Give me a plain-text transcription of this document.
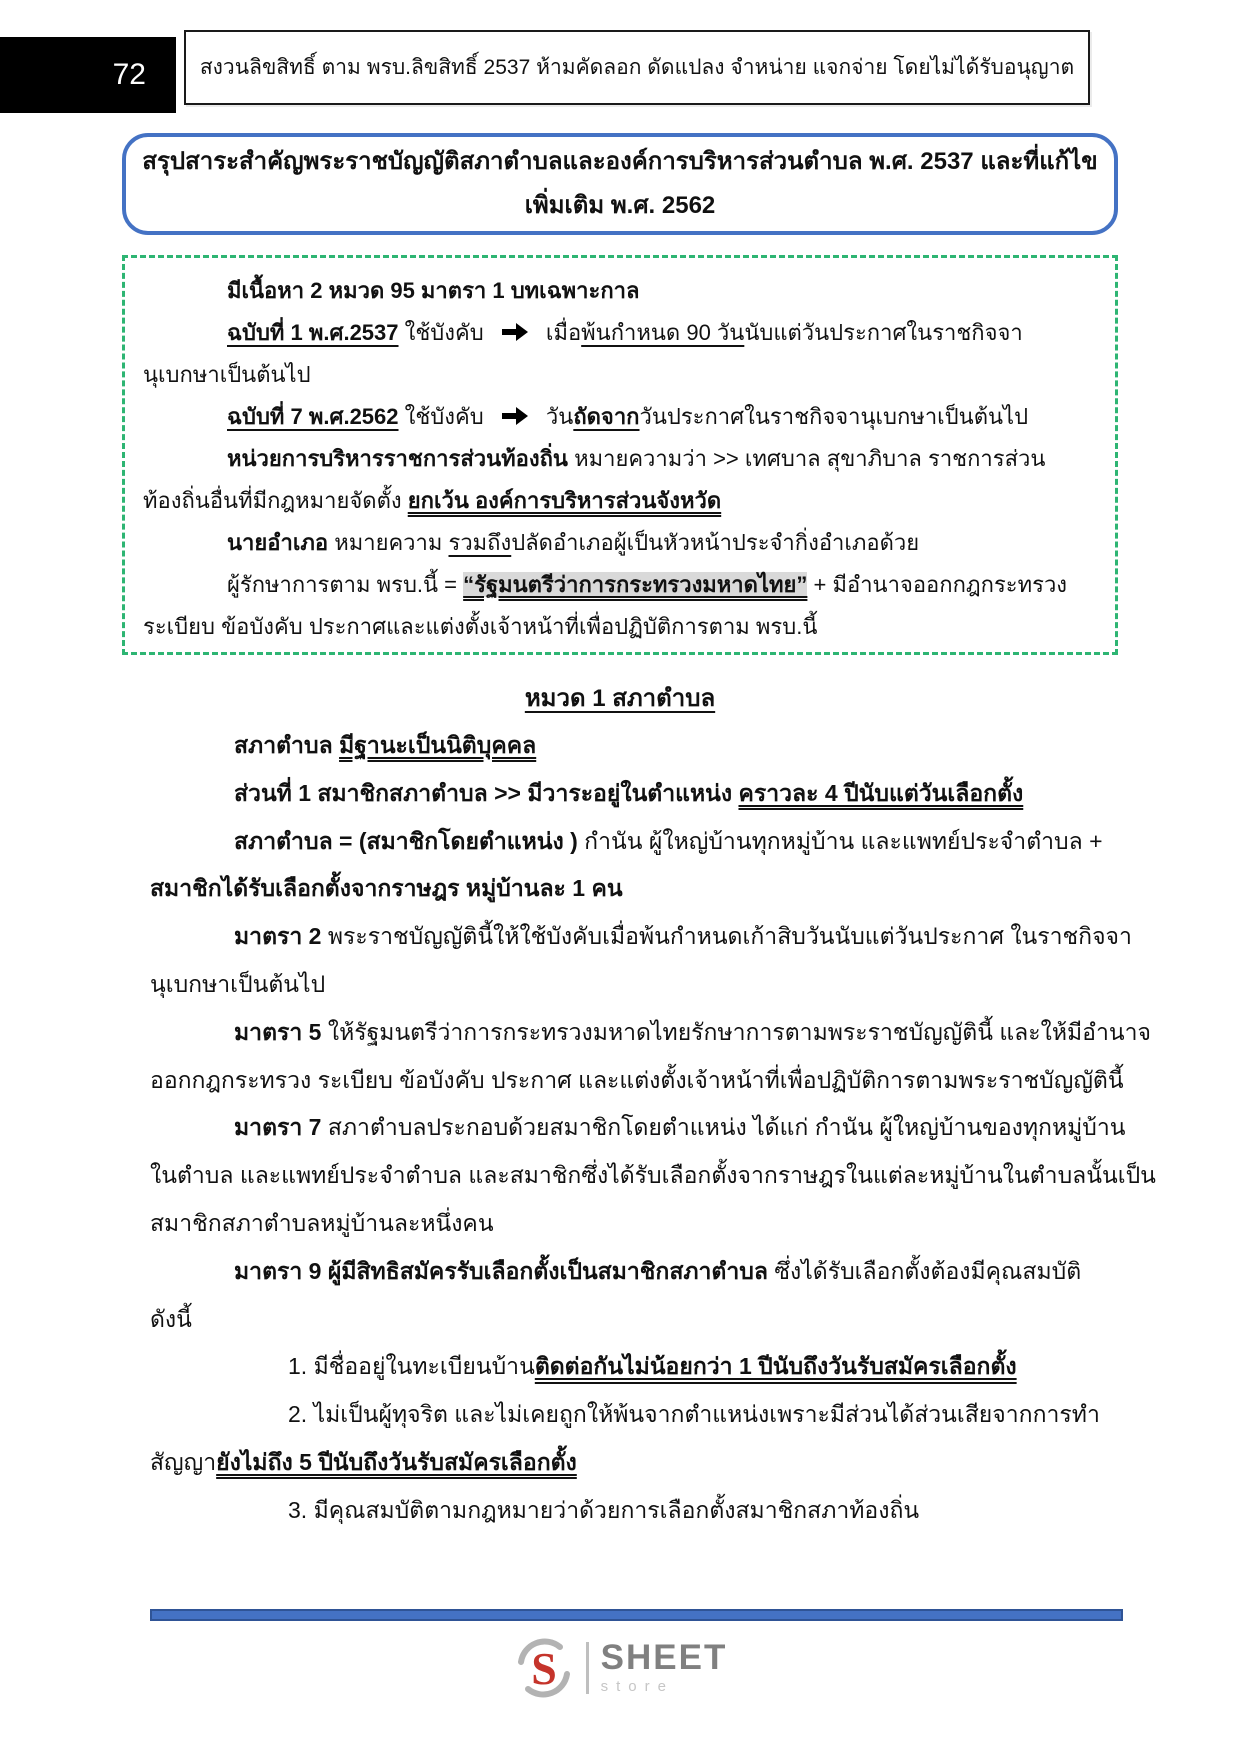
72	สงวนลิขสิทธิ์ ตาม พรบ.ลิขสิทธิ์ 2537 ห้ามคัดลอก ดัดแปลง จำหน่าย แจกจ่าย โดยไม่ได้รับอนุญาต
สรุปสาระสำคัญพระราชบัญญัติสภาตำบลและองค์การบริหารส่วนตำบล พ.ศ. 2537 และที่แก้ไข
เพิ่มเติม พ.ศ. 2562
มีเนื้อหา 2 หมวด 95 มาตรา 1 บทเฉพาะกาล
ฉบับที่ 1 พ.ศ.2537 ใช้บังคับ  เมื่อพ้นกำหนด 90 วันนับแต่วันประกาศในราชกิจจา
นุเบกษาเป็นต้นไป
ฉบับที่ 7 พ.ศ.2562 ใช้บังคับ  วันถัดจากวันประกาศในราชกิจจานุเบกษาเป็นต้นไป
หน่วยการบริหารราชการส่วนท้องถิ่น หมายความว่า >> เทศบาล สุขาภิบาล ราชการส่วน
ท้องถิ่นอื่นที่มีกฎหมายจัดตั้ง ยกเว้น องค์การบริหารส่วนจังหวัด
นายอำเภอ หมายความ รวมถึงปลัดอำเภอผู้เป็นหัวหน้าประจำกิ่งอำเภอด้วย
ผู้รักษาการตาม พรบ.นี้ = “รัฐมนตรีว่าการกระทรวงมหาดไทย” + มีอำนาจออกกฎกระทรวง
ระเบียบ ข้อบังคับ ประกาศและแต่งตั้งเจ้าหน้าที่เพื่อปฏิบัติการตาม พรบ.นี้
หมวด 1 สภาตำบล
สภาตำบล มีฐานะเป็นนิติบุคคล
ส่วนที่ 1 สมาชิกสภาตำบล >> มีวาระอยู่ในตำแหน่ง คราวละ 4 ปีนับแต่วันเลือกตั้ง
สภาตำบล = (สมาชิกโดยตำแหน่ง ) กำนัน ผู้ใหญ่บ้านทุกหมู่บ้าน และแพทย์ประจำตำบล +
สมาชิกได้รับเลือกตั้งจากราษฎร หมู่บ้านละ 1 คน
มาตรา 2 พระราชบัญญัตินี้ให้ใช้บังคับเมื่อพ้นกำหนดเก้าสิบวันนับแต่วันประกาศ ในราชกิจจา
นุเบกษาเป็นต้นไป
มาตรา 5 ให้รัฐมนตรีว่าการกระทรวงมหาดไทยรักษาการตามพระราชบัญญัตินี้ และให้มีอำนาจ
ออกกฎกระทรวง ระเบียบ ข้อบังคับ ประกาศ และแต่งตั้งเจ้าหน้าที่เพื่อปฏิบัติการตามพระราชบัญญัตินี้
มาตรา 7 สภาตำบลประกอบด้วยสมาชิกโดยตำแหน่ง ได้แก่ กำนัน ผู้ใหญ่บ้านของทุกหมู่บ้าน
ในตำบล และแพทย์ประจำตำบล และสมาชิกซึ่งได้รับเลือกตั้งจากราษฎรในแต่ละหมู่บ้านในตำบลนั้นเป็น
สมาชิกสภาตำบลหมู่บ้านละหนึ่งคน
มาตรา 9 ผู้มีสิทธิสมัครรับเลือกตั้งเป็นสมาชิกสภาตำบล ซึ่งได้รับเลือกตั้งต้องมีคุณสมบัติ
ดังนี้
1. มีชื่ออยู่ในทะเบียนบ้านติดต่อกันไม่น้อยกว่า 1 ปีนับถึงวันรับสมัครเลือกตั้ง
2. ไม่เป็นผู้ทุจริต และไม่เคยถูกให้พ้นจากตำแหน่งเพราะมีส่วนได้ส่วนเสียจากการทำ
สัญญายังไม่ถึง 5 ปีนับถึงวันรับสมัครเลือกตั้ง
3. มีคุณสมบัติตามกฎหมายว่าด้วยการเลือกตั้งสมาชิกสภาท้องถิ่น
S SHEET
store
